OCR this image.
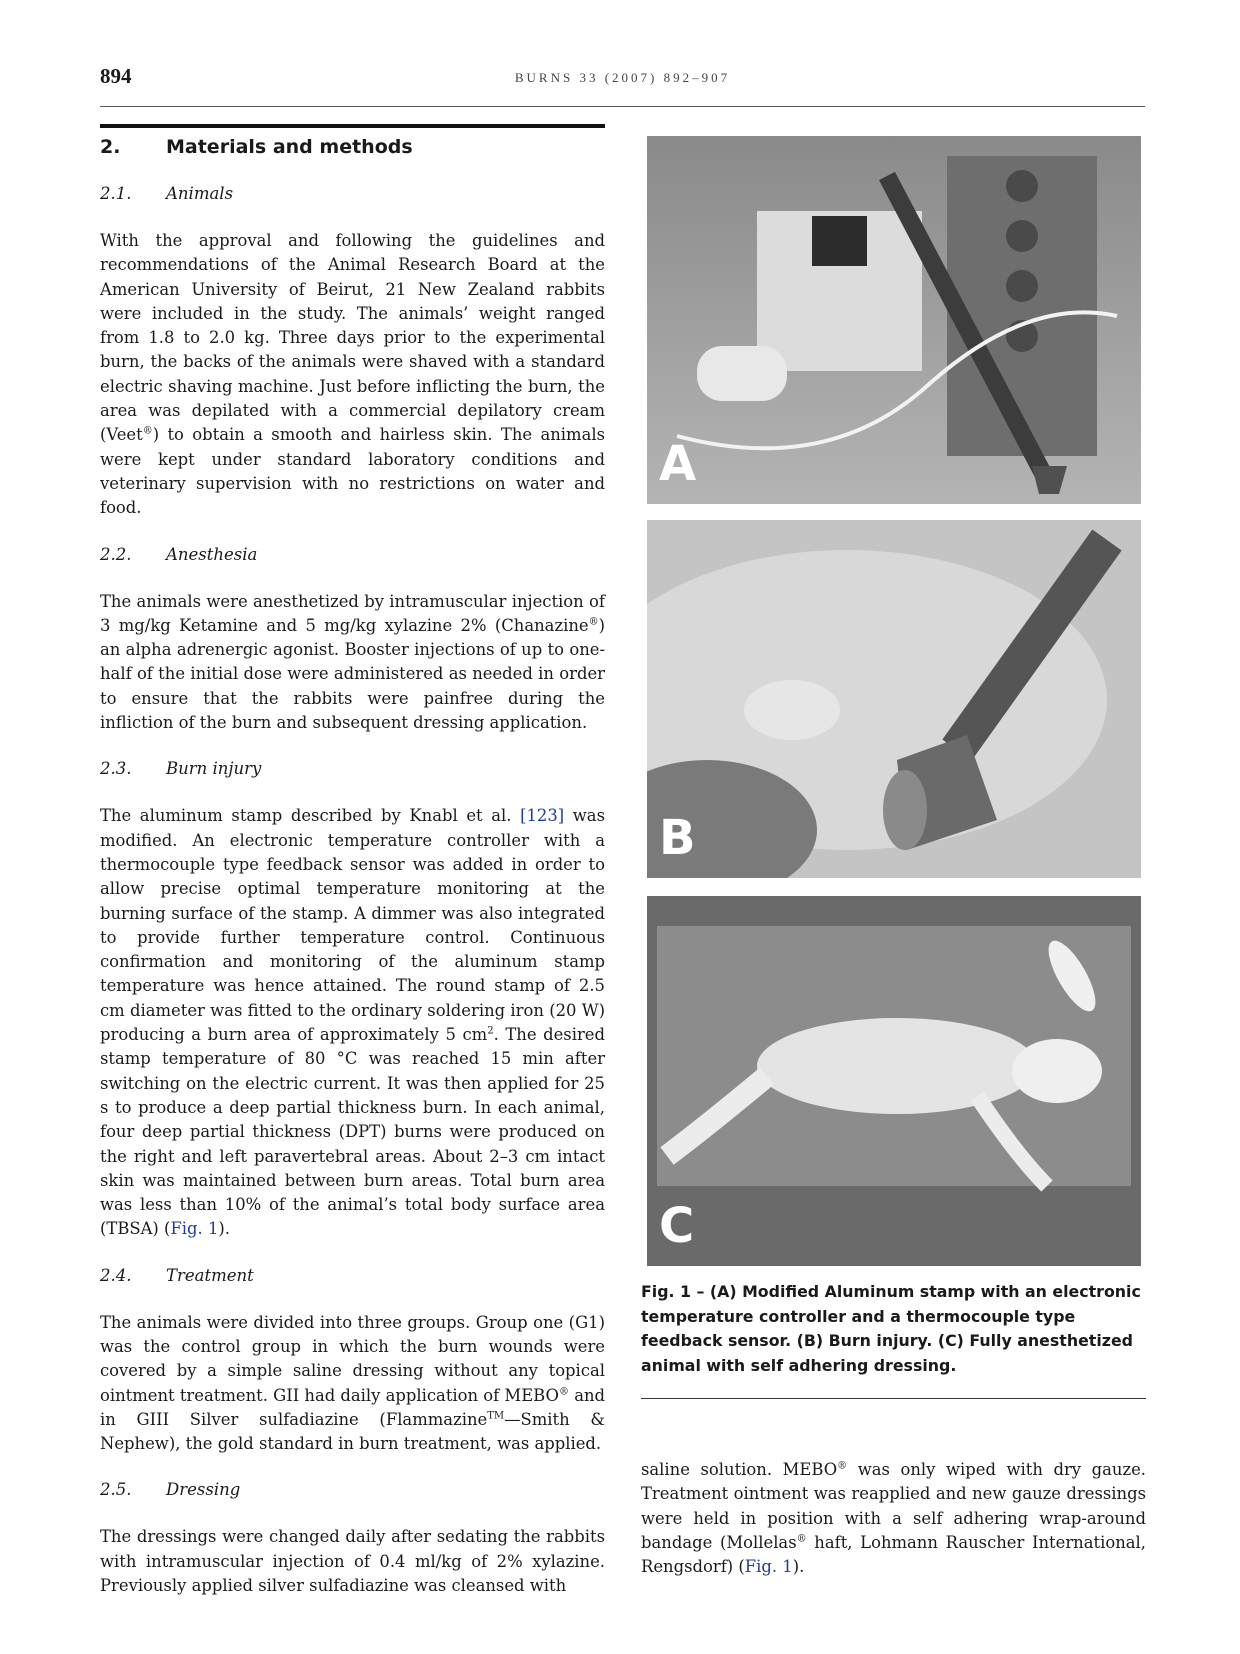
894	BURNS 33 (2007) 892–907
2.	Materials and methods
2.1.	Animals

With the approval and following the guidelines and recommendations of the Animal Research Board at the American University of Beirut, 21 New Zealand rabbits were included in the study. The animals’ weight ranged from 1.8 to 2.0 kg. Three days prior to the experimental burn, the backs of the animals were shaved with a standard electric shaving machine. Just before inflicting the burn, the area was depilated with a commercial depilatory cream (Veet®) to obtain a smooth and hairless skin. The animals were kept under standard laboratory conditions and veterinary supervision with no restrictions on water and food.

2.2.	Anesthesia

The animals were anesthetized by intramuscular injection of 3 mg/kg Ketamine and 5 mg/kg xylazine 2% (Chanazine®) an alpha adrenergic agonist. Booster injections of up to one-half of the initial dose were administered as needed in order to ensure that the rabbits were painfree during the infliction of the burn and subsequent dressing application.

2.3.	Burn injury

The aluminum stamp described by Knabl et al. [123] was modified. An electronic temperature controller with a thermocouple type feedback sensor was added in order to allow precise optimal temperature monitoring at the burning surface of the stamp. A dimmer was also integrated to provide further temperature control. Continuous confirmation and monitoring of the aluminum stamp temperature was hence attained. The round stamp of 2.5 cm diameter was fitted to the ordinary soldering iron (20 W) producing a burn area of approximately 5 $cm^2$. The desired stamp temperature of 80 °C was reached 15 min after switching on the electric current. It was then applied for 25 s to produce a deep partial thickness burn. In each animal, four deep partial thickness (DPT) burns were produced on the right and left paravertebral areas. About 2–3 cm intact skin was maintained between burn areas. Total burn area was less than 10% of the animal’s total body surface area (TBSA) (Fig. 1).

2.4.	Treatment

The animals were divided into three groups. Group one (G1) was the control group in which the burn wounds were covered by a simple saline dressing without any topical ointment treatment. GII had daily application of MEBO® and in GIII Silver sulfadiazine (Flammazine™—Smith & Nephew), the gold standard in burn treatment, was applied.

2.5.	Dressing

The dressings were changed daily after sedating the rabbits with intramuscular injection of 0.4 ml/kg of 2% xylazine. Previously applied silver sulfadiazine was cleansed with

A
B
C
Fig. 1 – (A) Modified Aluminum stamp with an electronic temperature controller and a thermocouple type feedback sensor. (B) Burn injury. (C) Fully anesthetized animal with self adhering dressing.

saline solution. MEBO® was only wiped with dry gauze. Treatment ointment was reapplied and new gauze dressings were held in position with a self adhering wrap-around bandage (Mollelas® haft, Lohmann Rauscher International, Rengsdorf) (Fig. 1).
